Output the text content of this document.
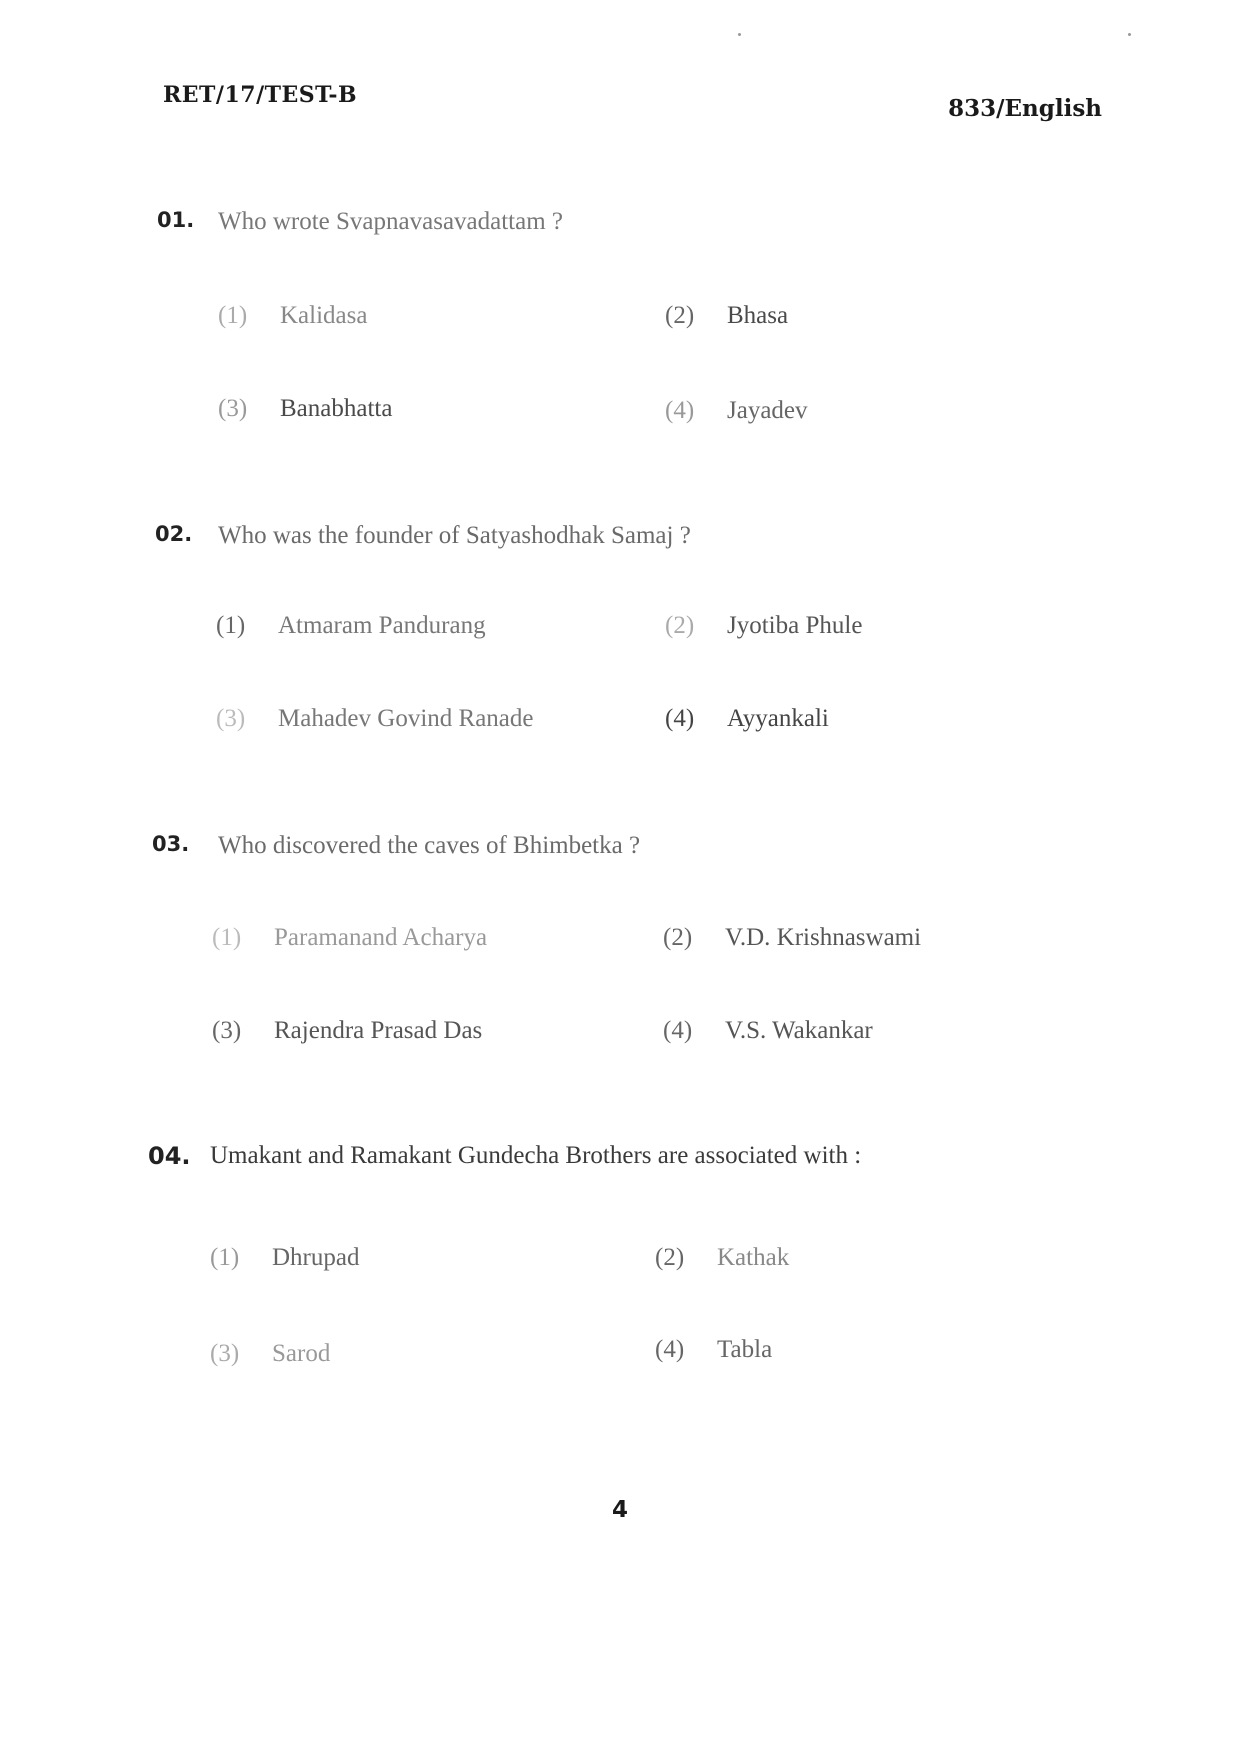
RET/17/TEST-B	833/English
01. Who wrote Svapnavasavadattam ?
(1) Kalidasa	(2) Bhasa
(3) Banabhatta	(4) Jayadev
02. Who was the founder of Satyashodhak Samaj ?
(1) Atmaram Pandurang	(2) Jyotiba Phule
(3) Mahadev Govind Ranade	(4) Ayyankali
03. Who discovered the caves of Bhimbetka ?
(1) Paramanand Acharya	(2) V.D. Krishnaswami
(3) Rajendra Prasad Das	(4) V.S. Wakankar
04. Umakant and Ramakant Gundecha Brothers are associated with :
(1) Dhrupad	(2) Kathak
(3) Sarod	(4) Tabla
4
